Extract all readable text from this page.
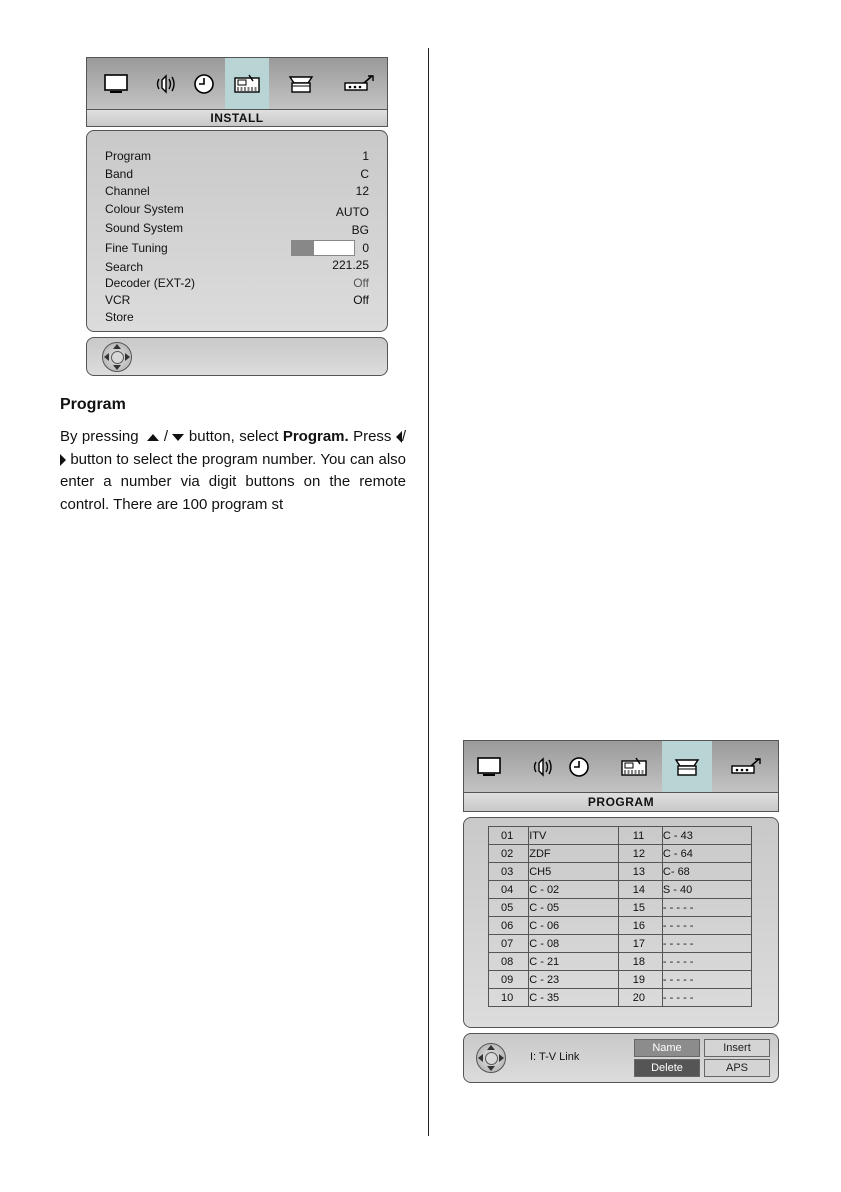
INSTALL
Program	1
Band	C
Channel	12
Colour System	AUTO
Sound System	BG
Fine Tuning	0
Search	221.25
Decoder (EXT-2)	Off
VCR	Off
Store
Program
By pressing / button, select Program. Press / button to select the program number. You can also enter a number via digit buttons on the remote control. There are 100 program st
PROGRAM
01	ITV	11	C - 43
02	ZDF	12	C - 64
03	CH5	13	C- 68
04	C - 02	14	S - 40
05	C - 05	15	- - - - -
06	C - 06	16	- - - - -
07	C - 08	17	- - - - -
08	C - 21	18	- - - - -
09	C - 23	19	- - - - -
10	C - 35	20	- - - - -
I: T-V Link
Name	Insert
Delete	APS
